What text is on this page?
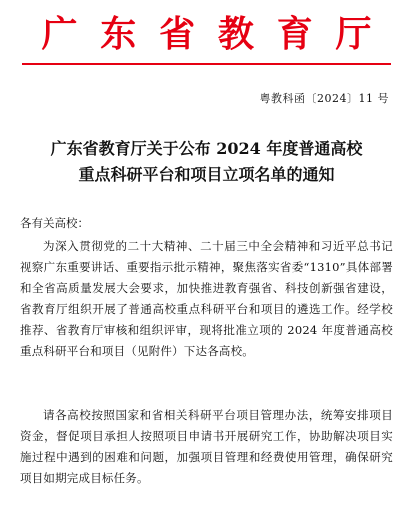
广 东 省 教 育 厅
粤教科函〔2024〕11 号
广东省教育厅关于公布 2024 年度普通高校
重点科研平台和项目立项名单的通知
各有关高校：
为深入贯彻党的二十大精神、二十届三中全会精神和习近平总书记视察广东重要讲话、重要指示批示精神，聚焦落实省委“1310”具体部署和全省高质量发展大会要求，加快推进教育强省、科技创新强省建设，省教育厅组织开展了普通高校重点科研平台和项目的遴选工作。经学校推荐、省教育厅审核和组织评审，现将批准立项的 2024 年度普通高校重点科研平台和项目（见附件）下达各高校。
请各高校按照国家和省相关科研平台项目管理办法，统筹安排项目资金，督促项目承担人按照项目申请书开展研究工作，协助解决项目实施过程中遇到的困难和问题，加强项目管理和经费使用管理，确保研究项目如期完成目标任务。
